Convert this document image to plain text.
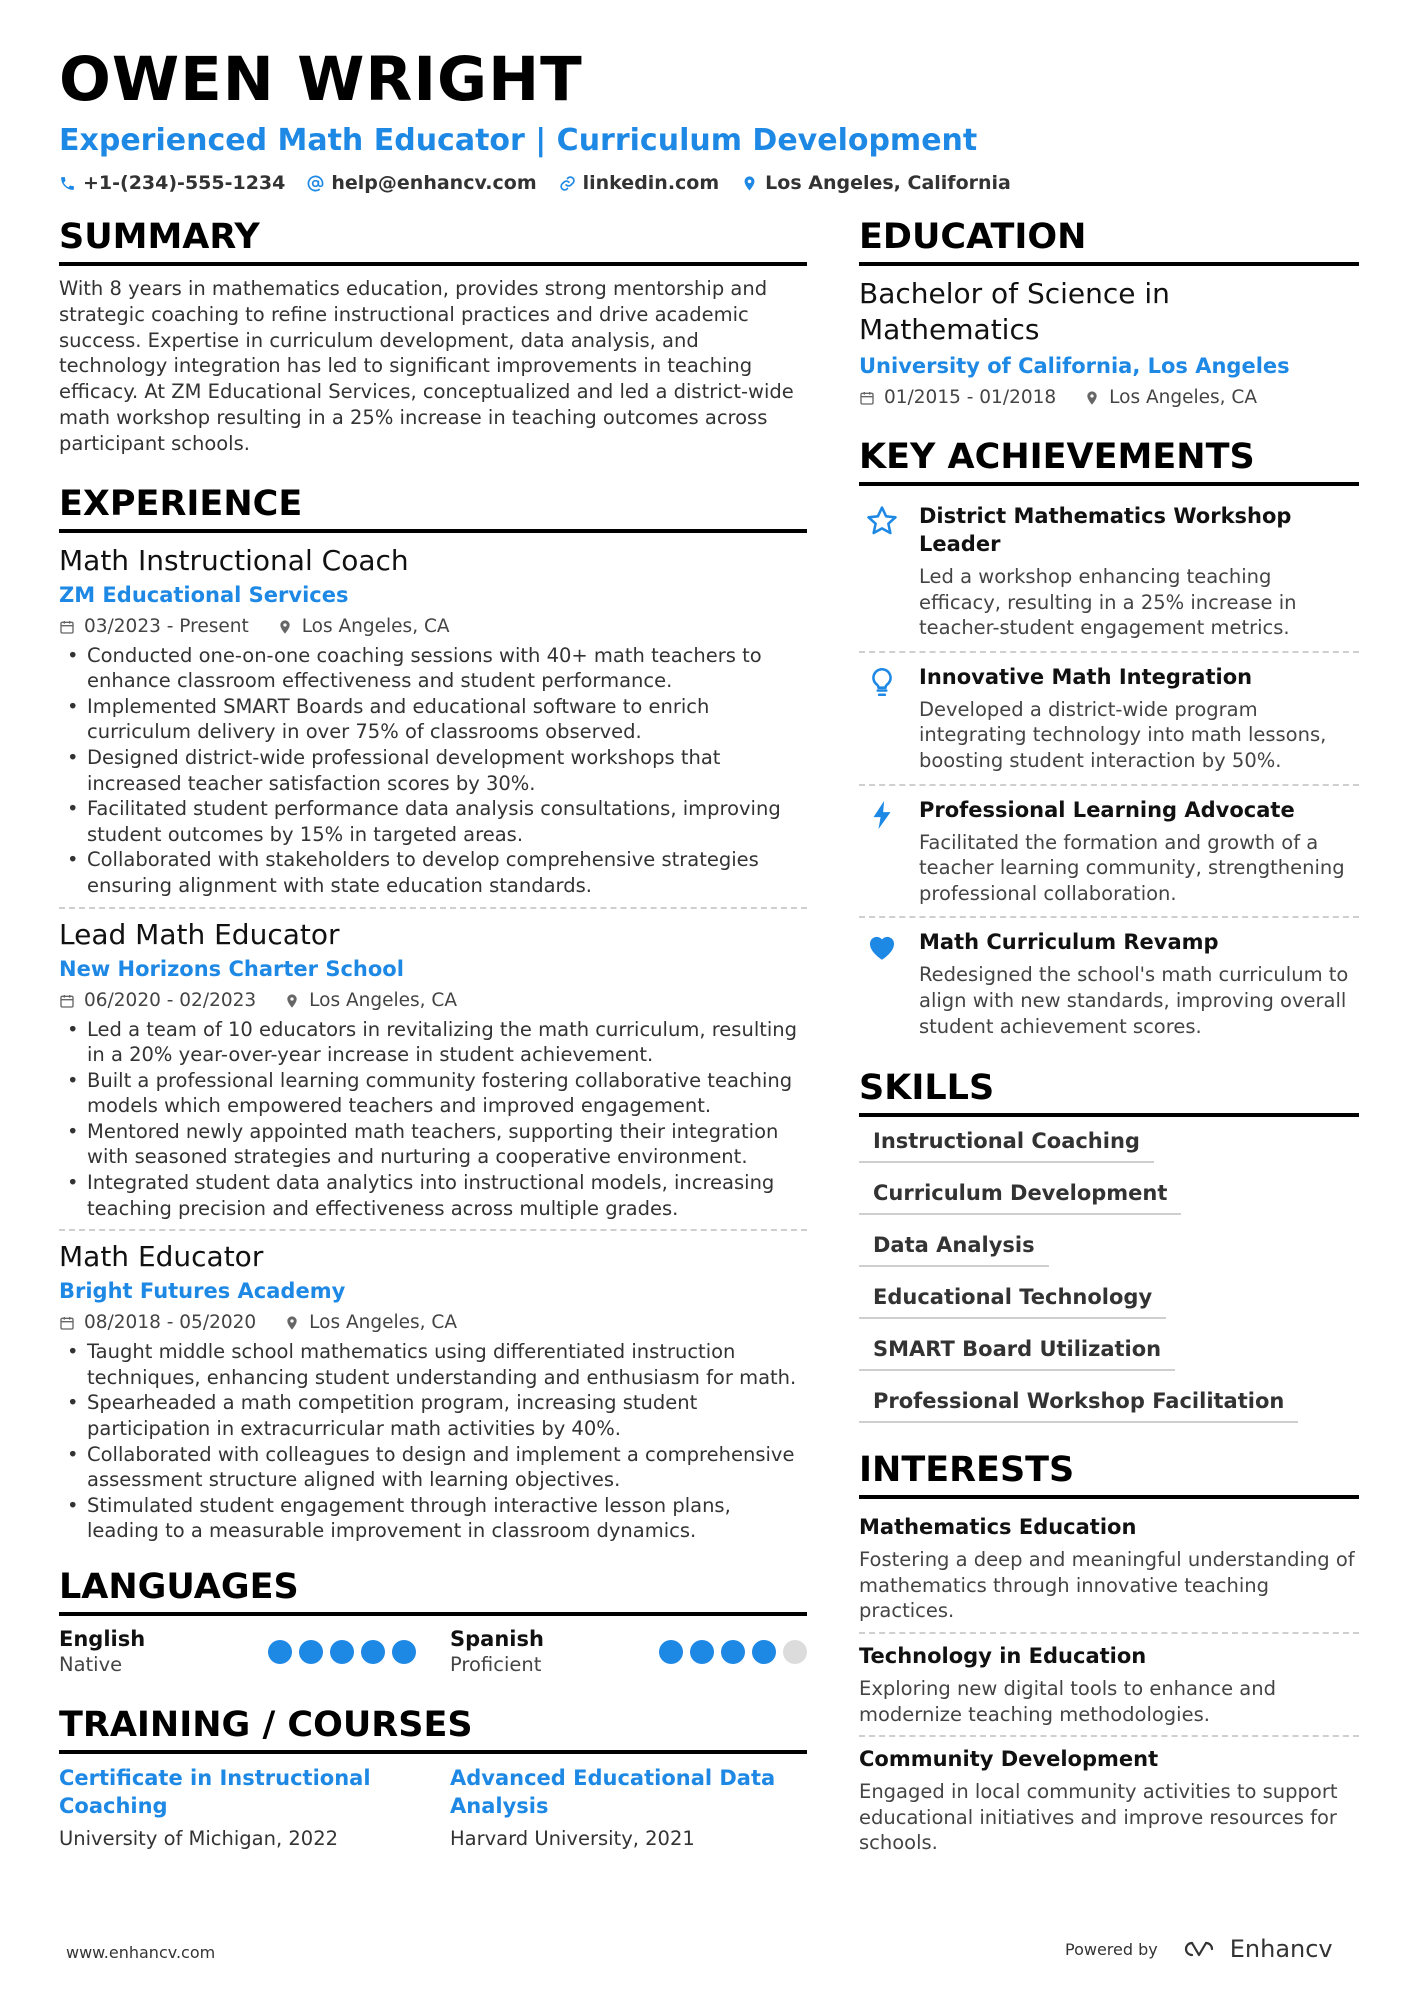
OWEN WRIGHT
Experienced Math Educator | Curriculum Development
+1-(234)-555-1234 help@enhancv.com linkedin.com Los Angeles, California
SUMMARY
With 8 years in mathematics education, provides strong mentorship and strategic coaching to refine instructional practices and drive academic success. Expertise in curriculum development, data analysis, and technology integration has led to significant improvements in teaching efficacy. At ZM Educational Services, conceptualized and led a district-wide math workshop resulting in a 25% increase in teaching outcomes across participant schools.
EXPERIENCE
Math Instructional Coach
ZM Educational Services
03/2023 - Present	Los Angeles, CA
• Conducted one-on-one coaching sessions with 40+ math teachers to enhance classroom effectiveness and student performance.
• Implemented SMART Boards and educational software to enrich curriculum delivery in over 75% of classrooms observed.
• Designed district-wide professional development workshops that increased teacher satisfaction scores by 30%.
• Facilitated student performance data analysis consultations, improving student outcomes by 15% in targeted areas.
• Collaborated with stakeholders to develop comprehensive strategies ensuring alignment with state education standards.
Lead Math Educator
New Horizons Charter School
06/2020 - 02/2023	Los Angeles, CA
• Led a team of 10 educators in revitalizing the math curriculum, resulting in a 20% year-over-year increase in student achievement.
• Built a professional learning community fostering collaborative teaching models which empowered teachers and improved engagement.
• Mentored newly appointed math teachers, supporting their integration with seasoned strategies and nurturing a cooperative environment.
• Integrated student data analytics into instructional models, increasing teaching precision and effectiveness across multiple grades.
Math Educator
Bright Futures Academy
08/2018 - 05/2020	Los Angeles, CA
• Taught middle school mathematics using differentiated instruction techniques, enhancing student understanding and enthusiasm for math.
• Spearheaded a math competition program, increasing student participation in extracurricular math activities by 40%.
• Collaborated with colleagues to design and implement a comprehensive assessment structure aligned with learning objectives.
• Stimulated student engagement through interactive lesson plans, leading to a measurable improvement in classroom dynamics.
LANGUAGES
English
Native
Spanish
Proficient
TRAINING / COURSES
Certificate in Instructional Coaching
University of Michigan, 2022
Advanced Educational Data Analysis
Harvard University, 2021
EDUCATION
Bachelor of Science in Mathematics
University of California, Los Angeles
01/2015 - 01/2018	Los Angeles, CA
KEY ACHIEVEMENTS
District Mathematics Workshop Leader
Led a workshop enhancing teaching efficacy, resulting in a 25% increase in teacher-student engagement metrics.
Innovative Math Integration
Developed a district-wide program integrating technology into math lessons, boosting student interaction by 50%.
Professional Learning Advocate
Facilitated the formation and growth of a teacher learning community, strengthening professional collaboration.
Math Curriculum Revamp
Redesigned the school's math curriculum to align with new standards, improving overall student achievement scores.
SKILLS
Instructional Coaching
Curriculum Development
Data Analysis
Educational Technology
SMART Board Utilization
Professional Workshop Facilitation
INTERESTS
Mathematics Education
Fostering a deep and meaningful understanding of mathematics through innovative teaching practices.
Technology in Education
Exploring new digital tools to enhance and modernize teaching methodologies.
Community Development
Engaged in local community activities to support educational initiatives and improve resources for schools.
www.enhancv.com	Powered by	Enhancv
